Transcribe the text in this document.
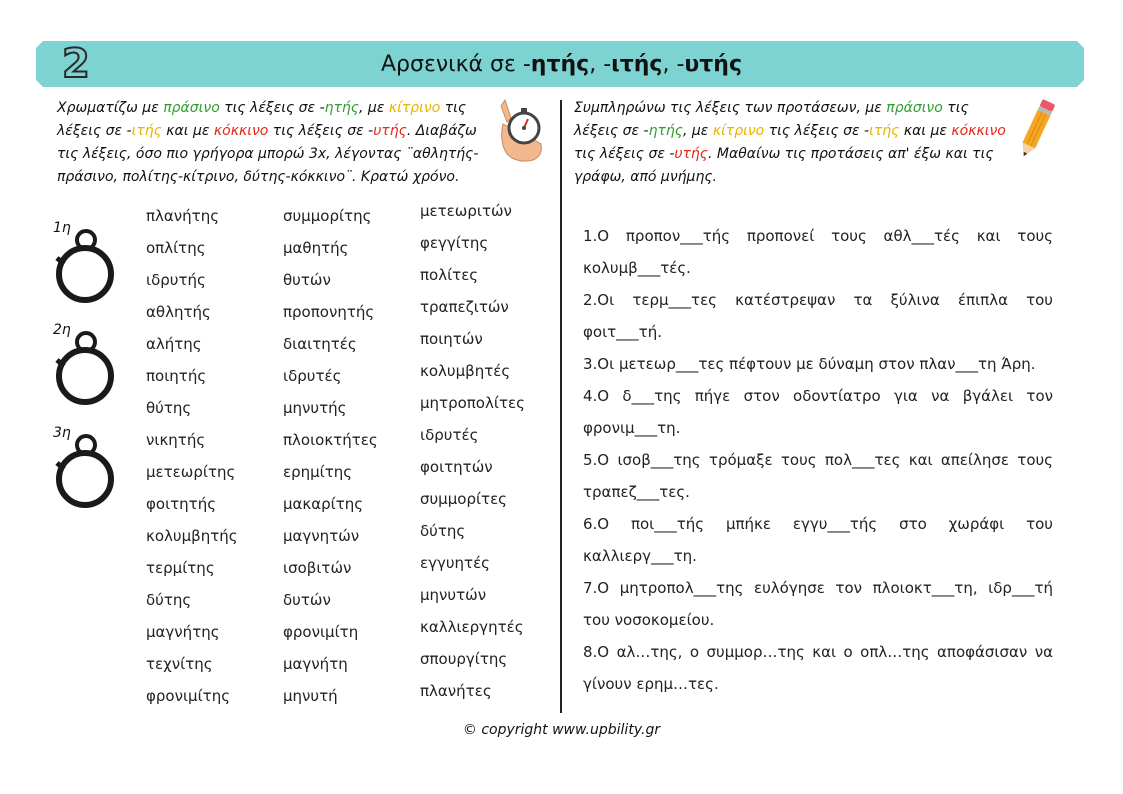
2	Αρσενικά σε -ητής, -ιτής, -υτής
Χρωματίζω με πράσινο τις λέξεις σε -ητής, με κίτρινο τις λέξεις σε -ιτής και με κόκκινο τις λέξεις σε -υτής. Διαβάζω τις λέξεις, όσο πιο γρήγορα μπορώ 3x, λέγοντας ¨αθλητής-πράσινο, πολίτης-κίτρινο, δύτης-κόκκινο¨. Κρατώ χρόνο.
1η
2η
3η
πλανήτης
οπλίτης
ιδρυτής
αθλητής
αλήτης
ποιητής
θύτης
νικητής
μετεωρίτης
φοιτητής
κολυμβητής
τερμίτης
δύτης
μαγνήτης
τεχνίτης
φρονιμίτης
συμμορίτης
μαθητής
θυτών
προπονητής
διαιτητές
ιδρυτές
μηνυτής
πλοιοκτήτες
ερημίτης
μακαρίτης
μαγνητών
ισοβιτών
δυτών
φρονιμίτη
μαγνήτη
μηνυτή
μετεωριτών
φεγγίτης
πολίτες
τραπεζιτών
ποιητών
κολυμβητές
μητροπολίτες
ιδρυτές
φοιτητών
συμμορίτες
δύτης
εγγυητές
μηνυτών
καλλιεργητές
σπουργίτης
πλανήτες
Συμπληρώνω τις λέξεις των προτάσεων, με πράσινο τις λέξεις σε -ητής, με κίτρινο τις λέξεις σε -ιτής και με κόκκινο τις λέξεις σε -υτής. Μαθαίνω τις προτάσεις απ' έξω και τις γράφω, από μνήμης.

1.Ο προπον___τής προπονεί τους αθλ___τές και τους κολυμβ___τές.

2.Οι τερμ___τες κατέστρεψαν τα ξύλινα έπιπλα του φοιτ___τή.

3.Οι μετεωρ___τες πέφτουν με δύναμη στον πλαν___τη Άρη.

4.Ο δ___της πήγε στον οδοντίατρο για να βγάλει τον φρονιμ___τη.

5.Ο ισοβ___της τρόμαξε τους πολ___τες και απείλησε τους τραπεζ___τες.

6.Ο ποι___τής μπήκε εγγυ___τής στο χωράφι του καλλιεργ___τη.

7.Ο μητροπολ___της ευλόγησε τον πλοιοκτ___τη, ιδρ___τή του νοσοκομείου.

8.Ο αλ…της, ο συμμορ…της και ο οπλ…της αποφάσισαν να γίνουν ερημ…τες.

© copyright www.upbility.gr
